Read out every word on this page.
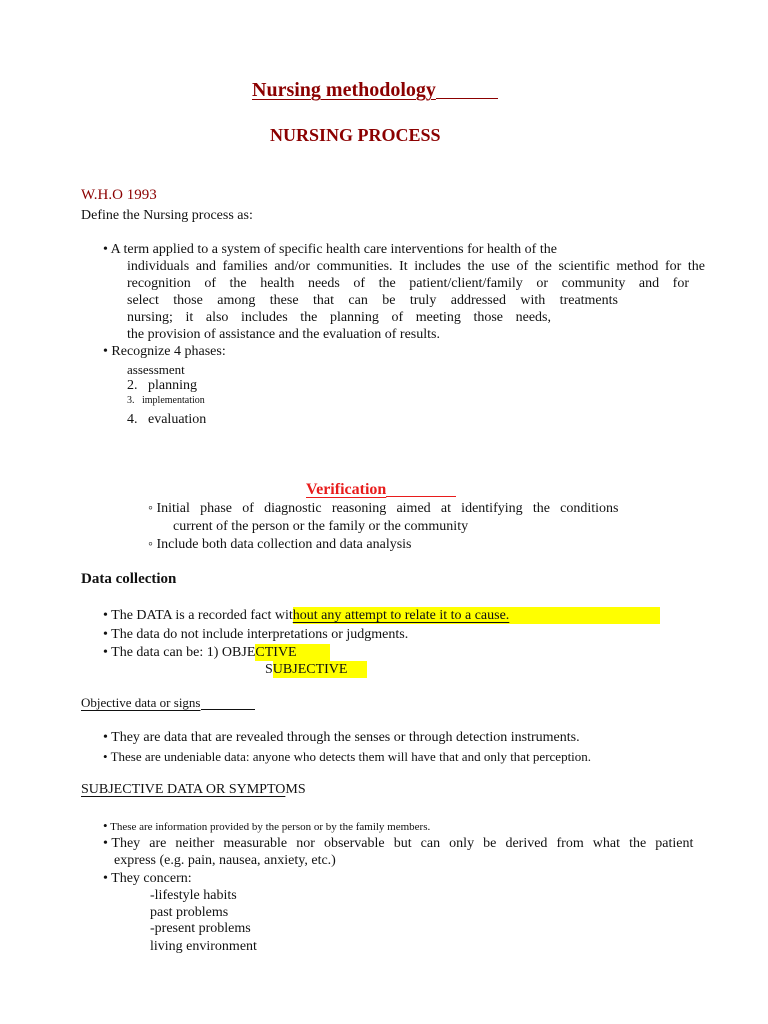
Nursing methodology
NURSING PROCESS
W.H.O 1993
Define the Nursing process as:
• A term applied to a system of specific health care interventions for health of the
individuals and families and/or communities. It includes the use of the scientific method for the
recognition of the health needs of the patient/client/family or community and for
select those among these that can be truly addressed with treatments
nursing; it also includes the planning of meeting those needs,
the provision of assistance and the evaluation of results.
• Recognize 4 phases:
assessment
2.   planning
3.   implementation
4.   evaluation
Verification
◦ Initial phase of diagnostic reasoning aimed at identifying the conditions
current of the person or the family or the community
◦ Include both data collection and data analysis
Data collection
• The DATA is a recorded fact without any attempt to relate it to a cause.
• The data do not include interpretations or judgments.
• The data can be: 1) OBJECTIVE
SUBJECTIVE
Objective data or signs
• They are data that are revealed through the senses or through detection instruments.
• These are undeniable data: anyone who detects them will have that and only that perception.
SUBJECTIVE DATA OR SYMPTOMS
• These are information provided by the person or by the family members.
• They are neither measurable nor observable but can only be derived from what the patient
express (e.g. pain, nausea, anxiety, etc.)
• They concern:
-lifestyle habits
past problems
-present problems
living environment
